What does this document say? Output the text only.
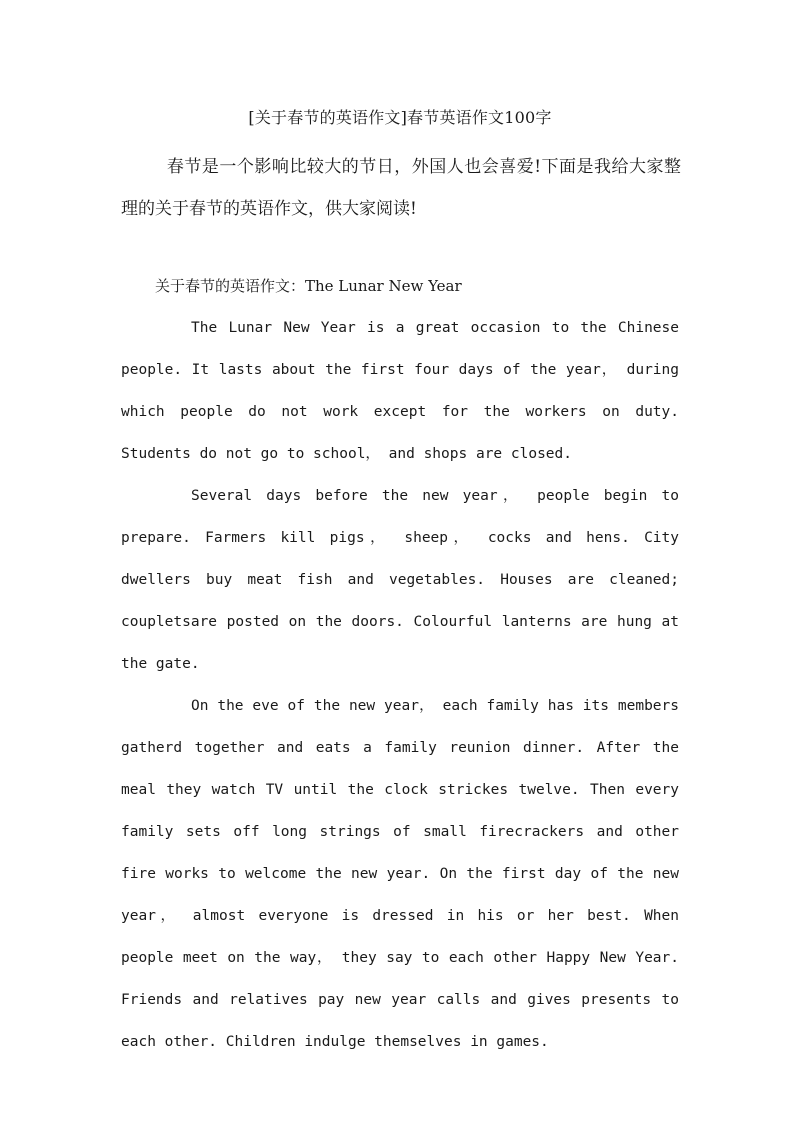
[关于春节的英语作文]春节英语作文100字
春节是一个影响比较大的节日，外国人也会喜爱!下面是我给大家整理的关于春节的英语作文，供大家阅读!
关于春节的英语作文：The Lunar New Year

The Lunar New Year is a great occasion to the Chinese people. It lasts about the first four days of the year， during which people do not work except for the workers on duty. Students do not go to school， and shops are closed.

Several days before the new year， people begin to prepare. Farmers kill pigs， sheep， cocks and hens. City dwellers buy meat fish and vegetables. Houses are cleaned; coupletsare posted on the doors. Colourful lanterns are hung at the gate.

On the eve of the new year， each family has its members gatherd together and eats a family reunion dinner. After the meal they watch TV until the clock strickes twelve. Then every family sets off long strings of small firecrackers and other fire works to welcome the new year. On the first day of the new year， almost everyone is dressed in his or her best. When people meet on the way， they say to each other Happy New Year. Friends and relatives pay new year calls and gives presents to each other. Children indulge themselves in games.
